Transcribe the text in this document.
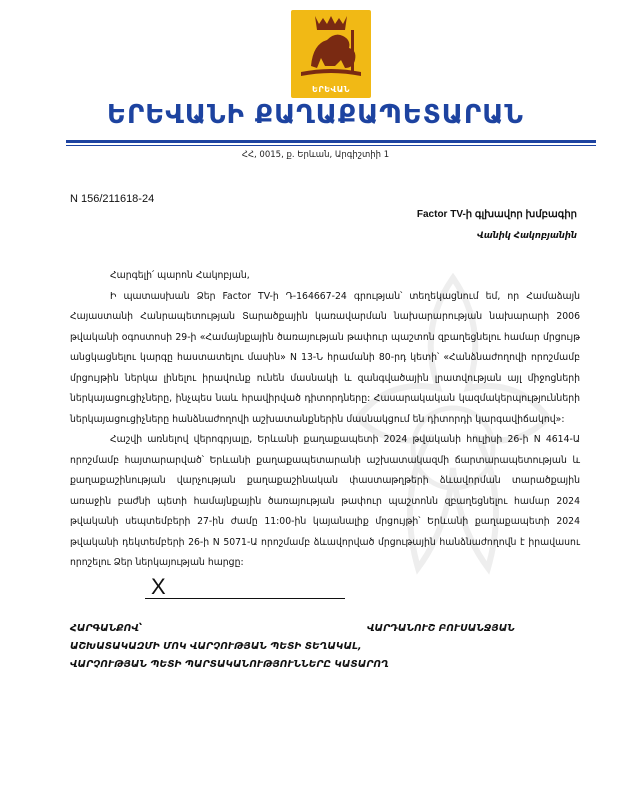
ԵՐԵՎԱՆ
ԵՐԵՎԱՆԻ ՔԱՂԱՔԱՊԵՏԱՐԱՆ
ՀՀ, 0015, ք. Երևան, Արգիշտիի 1
N 156/211618-24
Factor TV-ի գլխավոր խմբագիր
Վանիկ Հակոբյանին

Հարգելի՛ պարոն Հակոբյան,

Ի պատասխան Ձեր Factor TV-ի Դ-164667-24 գրության՝ տեղեկացնում եմ, որ Համաձայն Հայաստանի Հանրապետության Տարածքային կառավարման նախարարության նախարարի 2006 թվականի օգոստոսի 29-ի «Համայնքային ծառայության թափուր պաշտոն զբաղեցնելու համար մրցույթ անցկացնելու կարգը հաստատելու մասին» N 13-Ն հրամանի 80-րդ կետի՝ «Հանձնաժողովի որոշմամբ մրցույթին ներկա լինելու իրավունք ունեն մասնակի և զանգվածային լրատվության այլ միջոցների ներկայացուցիչները, ինչպես նաև հրավիրված դիտորդները: Հասարակական կազմակերպությունների ներկայացուցիչները հանձնաժողովի աշխատանքներին մասնակցում են դիտորդի կարգավիճակով»:

Հաշվի առնելով վերոգրյալը, Երևանի քաղաքապետի 2024 թվականի հուլիսի 26-ի N 4614-Ա որոշմամբ հայտարարված՝ Երևանի քաղաքապետարանի աշխատակազմի ճարտարապետության և քաղաքաշինության վարչության քաղաքաշինական փաստաթղթերի ձևավորման տարածքային առաջին բաժնի պետի համայնքային ծառայության թափուր պաշտոնն զբաղեցնելու համար 2024 թվականի սեպտեմբերի 27-ին ժամը 11:00-ին կայանալիք մրցույթի՝ Երևանի քաղաքապետի 2024 թվականի դեկտեմբերի 26-ի N 5071-Ա որոշմամբ ձևավորված մրցութային հանձնաժողովն է իրավասու որոշելու Ձեր ներկայության հարցը:

X
ՀԱՐԳԱՆՔՈՎ՝
ԱՇԽԱՏԱԿԱԶՄԻ ՄՈԿ ՎԱՐՉՈՒԹՅԱՆ ՊԵՏԻ ՏԵՂԱԿԱԼ,
ՎԱՐՉՈՒԹՅԱՆ ՊԵՏԻ ՊԱՐՏԱԿԱՆՈՒԹՅՈՒՆՆԵՐԸ ԿԱՏԱՐՈՂ
ՎԱՐԴԱՆՈՒՇ ԲՈՒՍԱՆՋՅԱՆ
